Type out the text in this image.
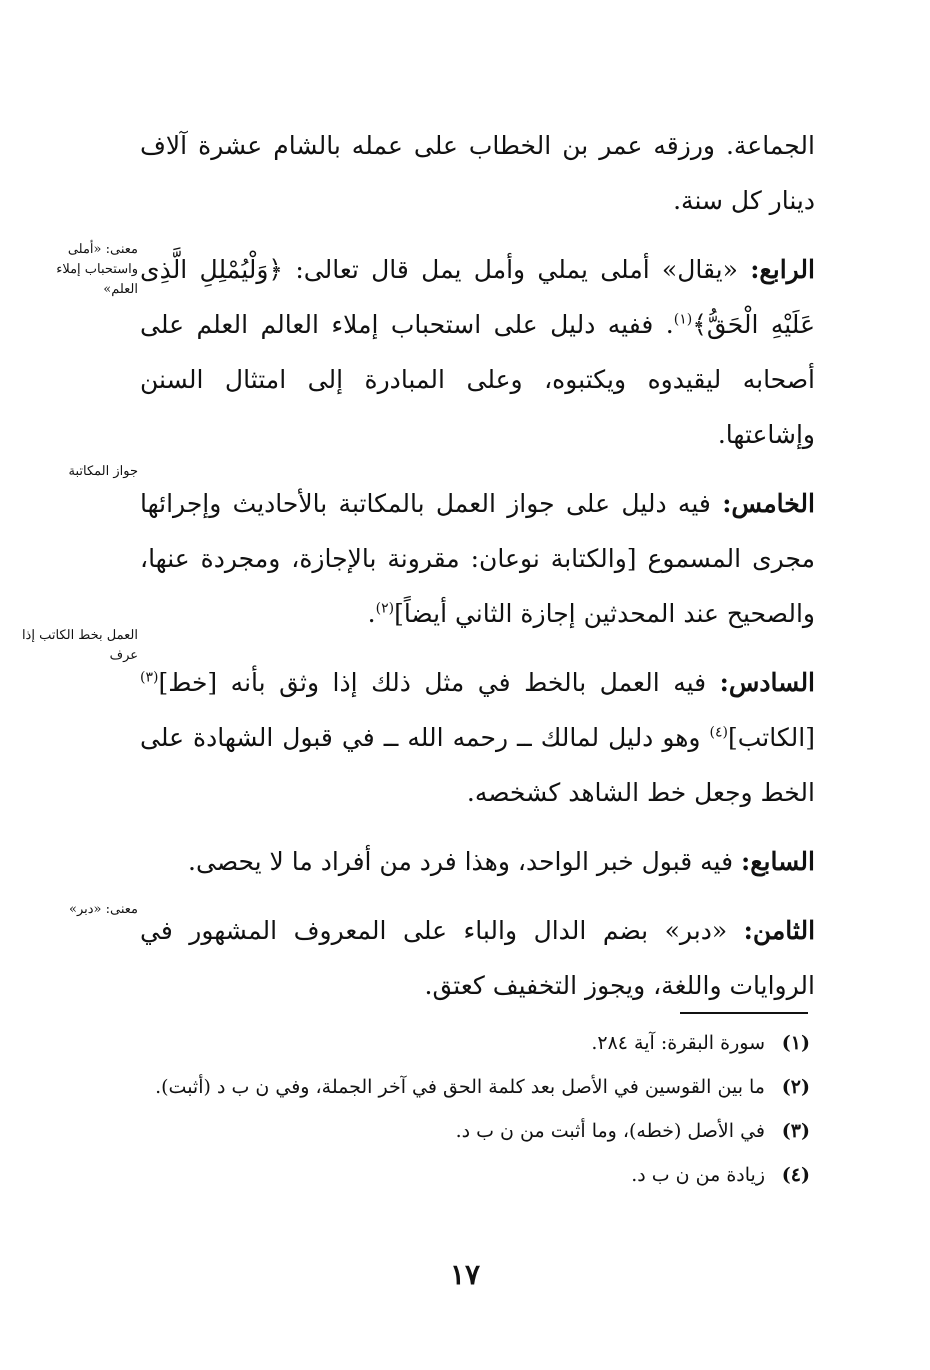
الجماعة. ورزقه عمر بن الخطاب على عمله بالشام عشرة آلاف دينار كل سنة.

الرابع: «يقال» أملى يملي وأمل يمل قال تعالى: ﴿وَلْيُمْلِلِ الَّذِى عَلَيْهِ الْحَقُّ﴾$^{(١)}$. ففيه دليل على استحباب إملاء العالم العلم على أصحابه ليقيدوه ويكتبوه، وعلى المبادرة إلى امتثال السنن وإشاعتها.

الخامس: فيه دليل على جواز العمل بالمكاتبة بالأحاديث وإجرائها مجرى المسموع [والكتابة نوعان: مقرونة بالإجازة، ومجردة عنها، والصحيح عند المحدثين إجازة الثاني أيضاً]$^{(٢)}$.

السادس: فيه العمل بالخط في مثل ذلك إذا وثق بأنه [خط]$^{(٣)}$ [الكاتب]$^{(٤)}$ وهو دليل لمالك ــ رحمه الله ــ في قبول الشهادة على الخط وجعل خط الشاهد كشخصه.

السابع: فيه قبول خبر الواحد، وهذا فرد من أفراد ما لا يحصى.

الثامن: «دبر» بضم الدال والباء على المعروف المشهور في الروايات واللغة، ويجوز التخفيف كعتق.

معنى: «أملى واستحباب إملاء العلم»
جواز المكاتبة
العمل بخط الكاتب إذا عرف
معنى: «دبر»
(١)
سورة البقرة: آية ٢٨٤.
(٢)
ما بين القوسين في الأصل بعد كلمة الحق في آخر الجملة، وفي ن ب د (أثبت).
(٣)
في الأصل (خطه)، وما أثبت من ن ب د.
(٤)
زيادة من ن ب د.
١٧
